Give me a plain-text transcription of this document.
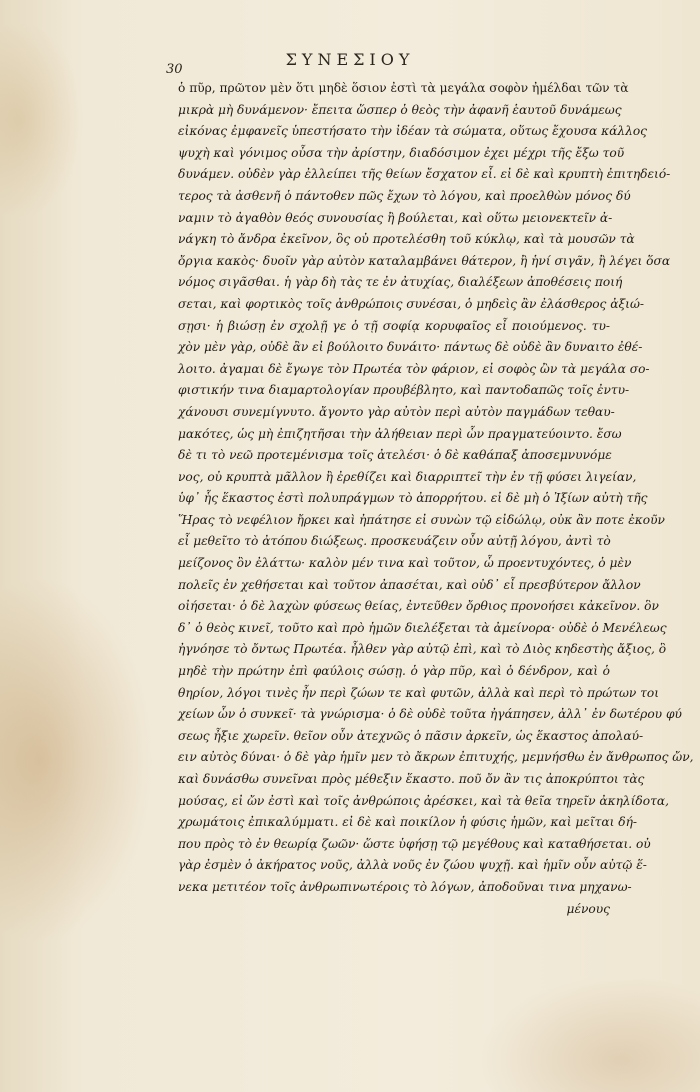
ΣΥΝΕΣΙΟΥ
30
ὁ πῦρ, πρῶτον μὲν ὅτι μηδὲ ὅσιον ἐστὶ τὰ μεγάλα σοφὸν ἠμέλδαι τῶν τὰ
μικρὰ μὴ δυνάμενον· ἔπειτα ὥσπερ ὁ θεὸς τὴν ἀφανῆ ἑαυτοῦ δυνάμεως
εἰκόνας ἐμφανεῖς ὑπεστήσατο τὴν ἰδέαν τὰ σώματα, οὕτως ἔχουσα κάλλος
ψυχὴ καὶ γόνιμος οὖσα τὴν ἀρίστην, διαδόσιμον ἐχει μέχρι τῆς ἔξω τοῦ
δυνάμεν. οὐδὲν γὰρ ἐλλείπει τῆς θείων ἔσχατον εἶ. εἰ δὲ καὶ κρυπτὴ ἐπιτηδειό-
τερος τὰ ἀσθενῆ ὁ πάντοθεν πῶς ἔχων τὸ λόγου, καὶ προελθὼν μόνος δύ
ναμιν τὸ ἀγαθὸν θεός συνουσίας ἢ βούλεται, καὶ οὕτω μειονεκτεῖν ἀ-
νάγκη τὸ ἄνδρα ἐκεῖνον, ὃς οὐ προτελέσθη τοῦ κύκλῳ, καὶ τὰ μουσῶν τὰ
ὄργια κακὸς· δυοῖν γὰρ αὐτὸν καταλαμβάνει θάτερον, ἢ ἡνί σιγᾶν, ἢ λέγει ὅσα
νόμος σιγᾶσθαι. ἡ γὰρ δὴ τὰς τε ἐν ἀτυχίας, διαλέξεων ἀποθέσεις ποιή
σεται, καὶ φορτικὸς τοῖς ἀνθρώποις συνέσαι, ὁ μηδεὶς ἂν ἐλάσθερος ἀξιώ-
σῃσι· ἡ βιώσῃ ἐν σχολῇ γε ὁ τῇ σοφίᾳ κορυφαῖος εἶ ποιούμενος. τυ-
χὸν μὲν γὰρ, οὐδὲ ἂν εἰ βούλοιτο δυνάιτο· πάντως δὲ οὐδὲ ἂν δυναιτο ἐθέ-
λοιτο. ἀγαμαι δὲ ἔγωγε τὸν Πρωτέα τὸν φάριον, εἰ σοφὸς ὢν τὰ μεγάλα σο-
φιστικήν τινα διαμαρτολογίαν προυβέβλητο, καὶ παντοδαπῶς τοῖς ἐντυ-
χάνουσι συνεμίγνυτο. ἄγοντο γὰρ αὐτὸν περὶ αὐτὸν παγμάδων τεθαυ-
μακότες, ὡς μὴ ἐπιζητῆσαι τὴν ἀλήθειαν περὶ ὧν πραγματεύοιντο. ἔσω
δὲ τι τὸ νεῶ προτεμένισμα τοῖς ἀτελέσι· ὁ δὲ καθάπαξ ἀποσεμνυνόμε
νος, οὐ κρυπτὰ μᾶλλον ἢ ἐρεθίζει καὶ διαρριπτεῖ τὴν ἐν τῇ φύσει λιγείαν,
ὑφ᾽ ἧς ἕκαστος ἐστὶ πολυπράγμων τὸ ἀπορρήτου. εἰ δὲ μὴ ὁ Ἰξίων αὐτὴ τῆς
Ἥρας τὸ νεφέλιον ἤρκει καὶ ἠπάτησε εἰ συνὼν τῷ εἰδώλῳ, οὐκ ἂν ποτε ἐκοῦν
εἶ μεθεῖτο τὸ ἀτόπου διώξεως. προσκευάζειν οὖν αὐτῇ λόγου, ἀντὶ τὸ
μείζονος ὂν ἐλάττω· καλὸν μέν τινα καὶ τοῦτον, ὧ προεντυχόντες, ὁ μὲν
πολεῖς ἐν χεθήσεται καὶ τοῦτον ἀπασέται, καὶ οὐδ᾽ εἶ πρεσβύτερον ἄλλον
οἰήσεται· ὁ δὲ λαχὼν φύσεως θείας, ἐντεῦθεν ὄρθιος προνοήσει κἀκεῖνον. ὃν
δ᾽ ὁ θεὸς κινεῖ, τοῦτο καὶ πρὸ ἡμῶν διελέξεται τὰ ἀμείνορα· οὐδὲ ὁ Μενέλεως
ἠγνόησε τὸ ὄντως Πρωτέα. ἦλθεν γὰρ αὐτῷ ἐπὶ, καὶ τὸ Διὸς κηδεστὴς ἄξιος, ὃ
μηδὲ τὴν πρώτην ἐπὶ φαύλοις σώσῃ. ὁ γὰρ πῦρ, καὶ ὁ δένδρον, καὶ ὁ
θηρίον, λόγοι τινὲς ἦν περὶ ζώων τε καὶ φυτῶν, ἀλλὰ καὶ περὶ τὸ πρώτων τοι
χείων ὧν ὁ συνκεῖ· τὰ γνώρισμα· ὁ δὲ οὐδὲ τοῦτα ἠγάπησεν, ἀλλ᾽ ἐν δωτέρου φύ
σεως ἦξιε χωρεῖν. θεῖον οὖν ἀτεχνῶς ὁ πᾶσιν ἀρκεῖν, ὡς ἕκαστος ἀπολαύ-
ειν αὐτὸς δύναι· ὁ δὲ γὰρ ἡμῖν μεν τὸ ἄκρων ἐπιτυχής, μεμνήσθω ἐν ἄνθρωπος ὤν,
καὶ δυνάσθω συνεῖναι πρὸς μέθεξιν ἕκαστο. ποῦ ὄν ἂν τις ἀποκρύπτοι τὰς
μούσας, εἰ ὤν ἐστὶ καὶ τοῖς ἀνθρώποις ἀρέσκει, καὶ τὰ θεῖα τηρεῖν ἀκηλίδοτα,
χρωμάτοις ἐπικαλύμματι. εἰ δὲ καὶ ποικίλον ἡ φύσις ἡμῶν, καὶ μεῖται δή-
που πρὸς τὸ ἐν θεωρίᾳ ζωῶν· ὥστε ὑφήσῃ τῷ μεγέθους καὶ καταθήσεται. οὐ
γὰρ ἐσμὲν ὁ ἀκήρατος νοῦς, ἀλλὰ νοῦς ἐν ζώου ψυχῇ. καὶ ἡμῖν οὖν αὐτῷ ἕ-
νεκα μετιτέον τοῖς ἀνθρωπινωτέροις τὸ λόγων, ἀποδοῦναι τινα μηχανω-
μένους
